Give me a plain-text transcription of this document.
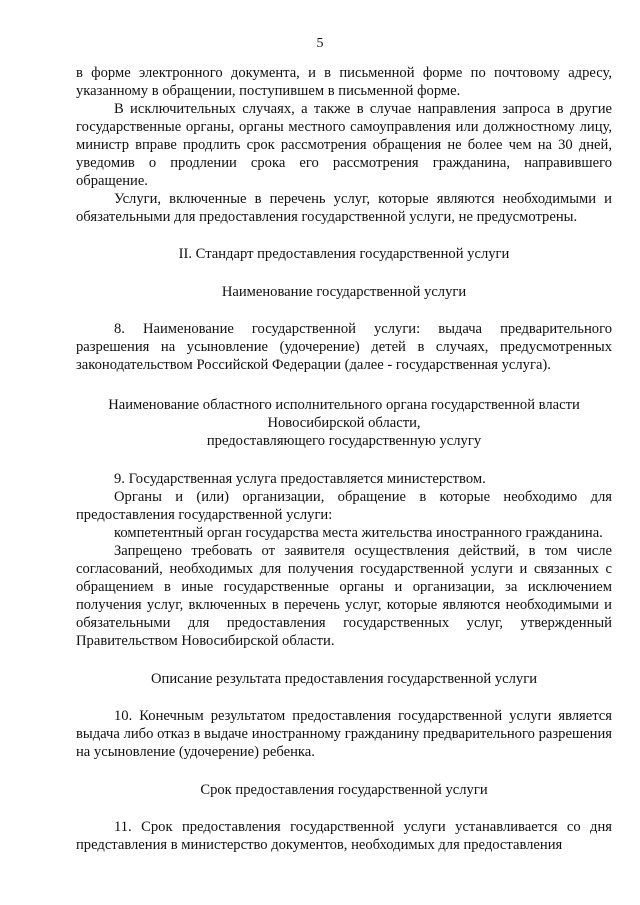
5

в форме электронного документа, и в письменной форме по почтовому адресу, указанному в обращении, поступившем в письменной форме.

В исключительных случаях, а также в случае направления запроса в другие государственные органы, органы местного самоуправления или должностному лицу, министр вправе продлить срок рассмотрения обращения не более чем на 30 дней, уведомив о продлении срока его рассмотрения гражданина, направившего обращение.

Услуги, включенные в перечень услуг, которые являются необходимыми и обязательными для предоставления государственной услуги, не предусмотрены.

II. Стандарт предоставления государственной услуги

Наименование государственной услуги

8. Наименование государственной услуги: выдача предварительного разрешения на усыновление (удочерение) детей в случаях, предусмотренных законодательством Российской Федерации (далее - государственная услуга).

Наименование областного исполнительного органа государственной власти
Новосибирской области,
предоставляющего государственную услугу

9. Государственная услуга предоставляется министерством.

Органы и (или) организации, обращение в которые необходимо для предоставления государственной услуги:

компетентный орган государства места жительства иностранного гражданина.

Запрещено требовать от заявителя осуществления действий, в том числе согласований, необходимых для получения государственной услуги и связанных с обращением в иные государственные органы и организации, за исключением получения услуг, включенных в перечень услуг, которые являются необходимыми и обязательными для предоставления государственных услуг, утвержденный Правительством Новосибирской области.

Описание результата предоставления государственной услуги

10. Конечным результатом предоставления государственной услуги является выдача либо отказ в выдаче иностранному гражданину предварительного разрешения на усыновление (удочерение) ребенка.

Срок предоставления государственной услуги

11. Срок предоставления государственной услуги устанавливается со дня представления в министерство документов, необходимых для предоставления
